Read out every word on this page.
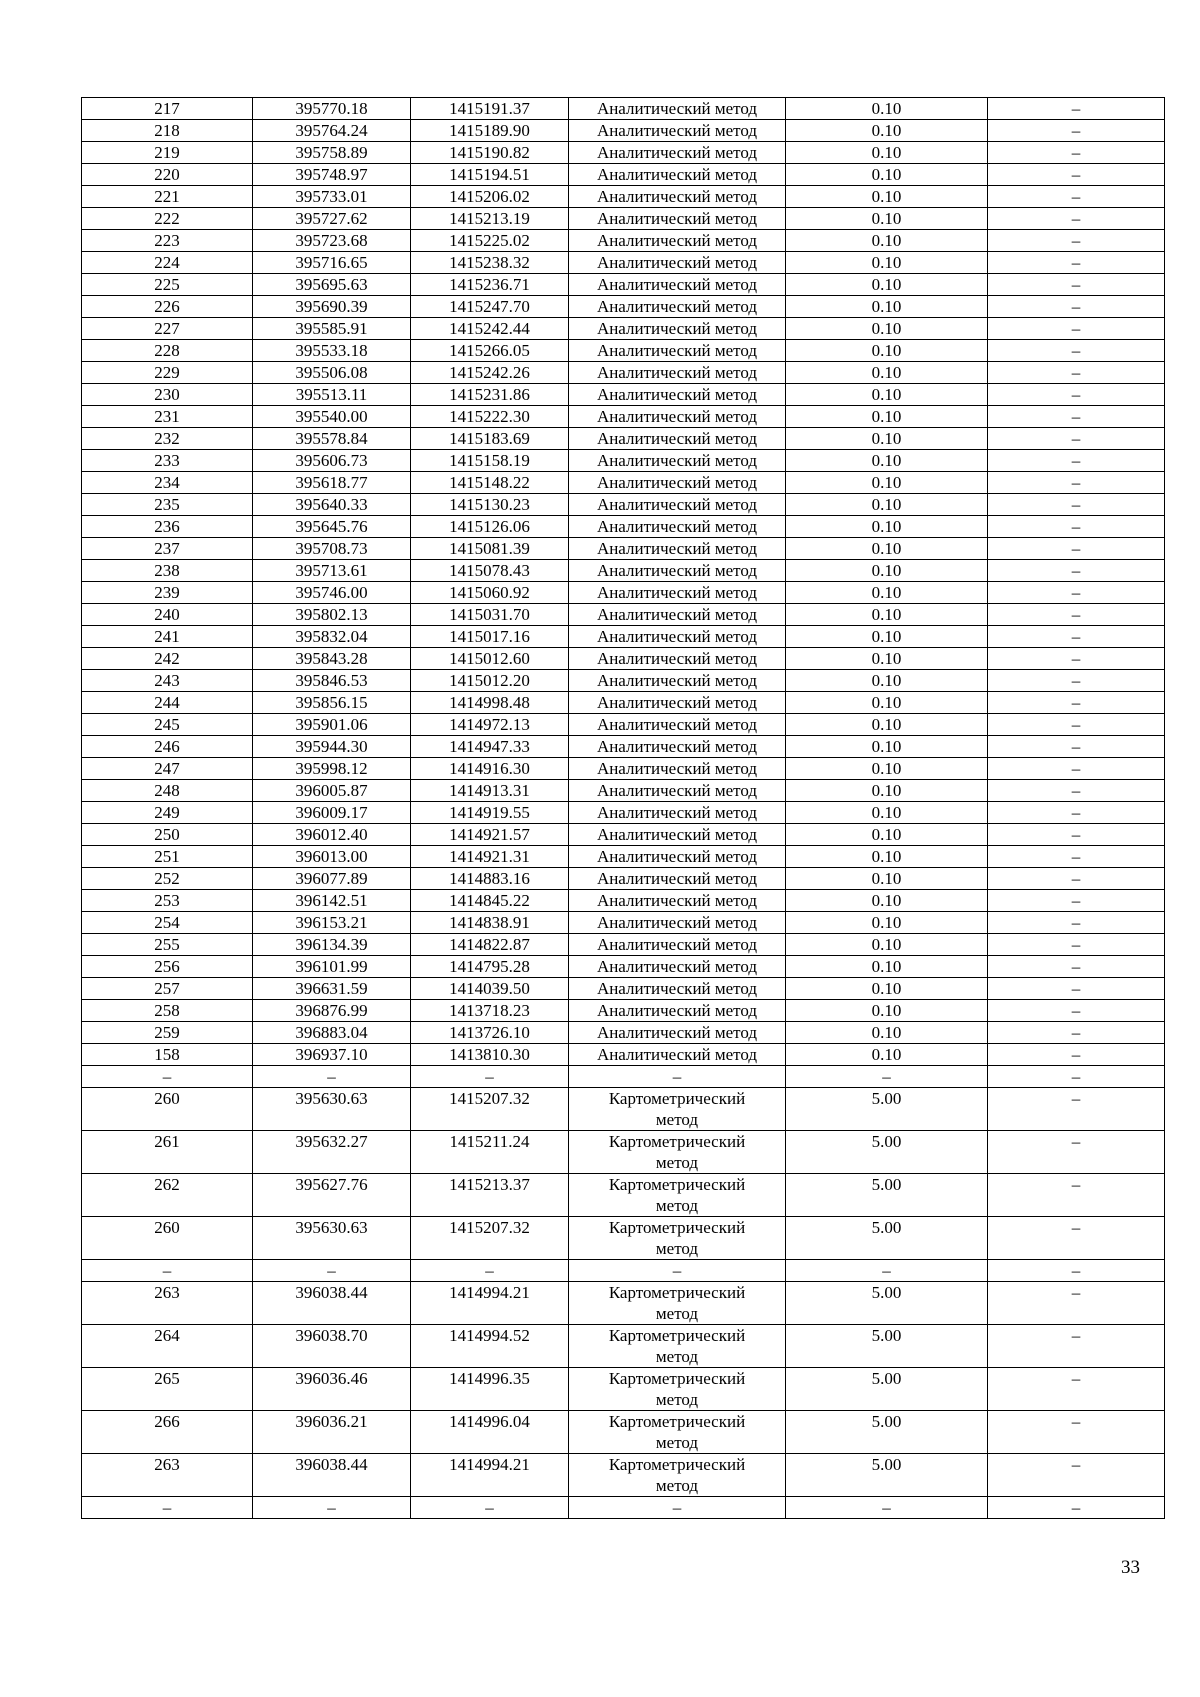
217	395770.18	1415191.37	Аналитический метод	0.10	–
218	395764.24	1415189.90	Аналитический метод	0.10	–
219	395758.89	1415190.82	Аналитический метод	0.10	–
220	395748.97	1415194.51	Аналитический метод	0.10	–
221	395733.01	1415206.02	Аналитический метод	0.10	–
222	395727.62	1415213.19	Аналитический метод	0.10	–
223	395723.68	1415225.02	Аналитический метод	0.10	–
224	395716.65	1415238.32	Аналитический метод	0.10	–
225	395695.63	1415236.71	Аналитический метод	0.10	–
226	395690.39	1415247.70	Аналитический метод	0.10	–
227	395585.91	1415242.44	Аналитический метод	0.10	–
228	395533.18	1415266.05	Аналитический метод	0.10	–
229	395506.08	1415242.26	Аналитический метод	0.10	–
230	395513.11	1415231.86	Аналитический метод	0.10	–
231	395540.00	1415222.30	Аналитический метод	0.10	–
232	395578.84	1415183.69	Аналитический метод	0.10	–
233	395606.73	1415158.19	Аналитический метод	0.10	–
234	395618.77	1415148.22	Аналитический метод	0.10	–
235	395640.33	1415130.23	Аналитический метод	0.10	–
236	395645.76	1415126.06	Аналитический метод	0.10	–
237	395708.73	1415081.39	Аналитический метод	0.10	–
238	395713.61	1415078.43	Аналитический метод	0.10	–
239	395746.00	1415060.92	Аналитический метод	0.10	–
240	395802.13	1415031.70	Аналитический метод	0.10	–
241	395832.04	1415017.16	Аналитический метод	0.10	–
242	395843.28	1415012.60	Аналитический метод	0.10	–
243	395846.53	1415012.20	Аналитический метод	0.10	–
244	395856.15	1414998.48	Аналитический метод	0.10	–
245	395901.06	1414972.13	Аналитический метод	0.10	–
246	395944.30	1414947.33	Аналитический метод	0.10	–
247	395998.12	1414916.30	Аналитический метод	0.10	–
248	396005.87	1414913.31	Аналитический метод	0.10	–
249	396009.17	1414919.55	Аналитический метод	0.10	–
250	396012.40	1414921.57	Аналитический метод	0.10	–
251	396013.00	1414921.31	Аналитический метод	0.10	–
252	396077.89	1414883.16	Аналитический метод	0.10	–
253	396142.51	1414845.22	Аналитический метод	0.10	–
254	396153.21	1414838.91	Аналитический метод	0.10	–
255	396134.39	1414822.87	Аналитический метод	0.10	–
256	396101.99	1414795.28	Аналитический метод	0.10	–
257	396631.59	1414039.50	Аналитический метод	0.10	–
258	396876.99	1413718.23	Аналитический метод	0.10	–
259	396883.04	1413726.10	Аналитический метод	0.10	–
158	396937.10	1413810.30	Аналитический метод	0.10	–
–	–	–	–	–	–
260	395630.63	1415207.32	Картометрический метод	5.00	–
261	395632.27	1415211.24	Картометрический метод	5.00	–
262	395627.76	1415213.37	Картометрический метод	5.00	–
260	395630.63	1415207.32	Картометрический метод	5.00	–
–	–	–	–	–	–
263	396038.44	1414994.21	Картометрический метод	5.00	–
264	396038.70	1414994.52	Картометрический метод	5.00	–
265	396036.46	1414996.35	Картометрический метод	5.00	–
266	396036.21	1414996.04	Картометрический метод	5.00	–
263	396038.44	1414994.21	Картометрический метод	5.00	–
–	–	–	–	–	–
33
